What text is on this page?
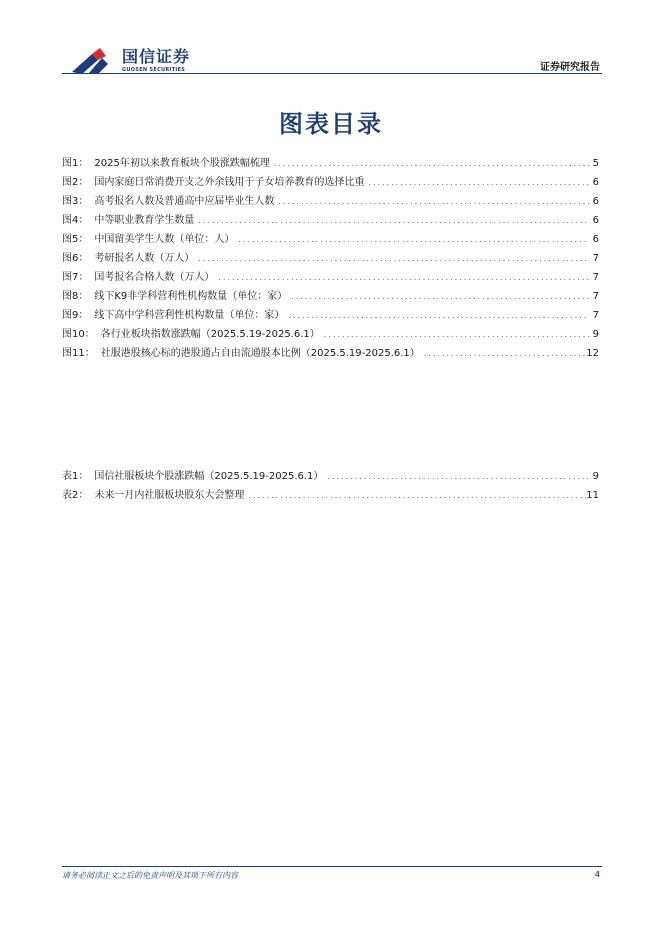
国信证券
GUOSEN SECURITIES	证券研究报告
图表目录
图1： 2025年初以来教育板块个股涨跌幅梳理 .....	5
图2： 国内家庭日常消费开支之外余钱用于子女培养教育的选择比重 .....	6
图3： 高考报名人数及普通高中应届毕业生人数 .....	6
图4： 中等职业教育学生数量 .....	6
图5： 中国留美学生人数（单位：人） .....	6
图6： 考研报名人数（万人） .....	7
图7： 国考报名合格人数（万人） .....	7
图8： 线下K9非学科营利性机构数量（单位：家） .....	7
图9： 线下高中学科营利性机构数量（单位：家） .....	7
图10： 各行业板块指数涨跌幅（2025.5.19-2025.6.1） .....	9
图11： 社服港股核心标的港股通占自由流通股本比例（2025.5.19-2025.6.1） .....	12
表1： 国信社服板块个股涨跌幅（2025.5.19-2025.6.1） .....	9
表2： 未来一月内社服板块股东大会整理 .....	11
请务必阅读正文之后的免责声明及其项下所有内容	4
